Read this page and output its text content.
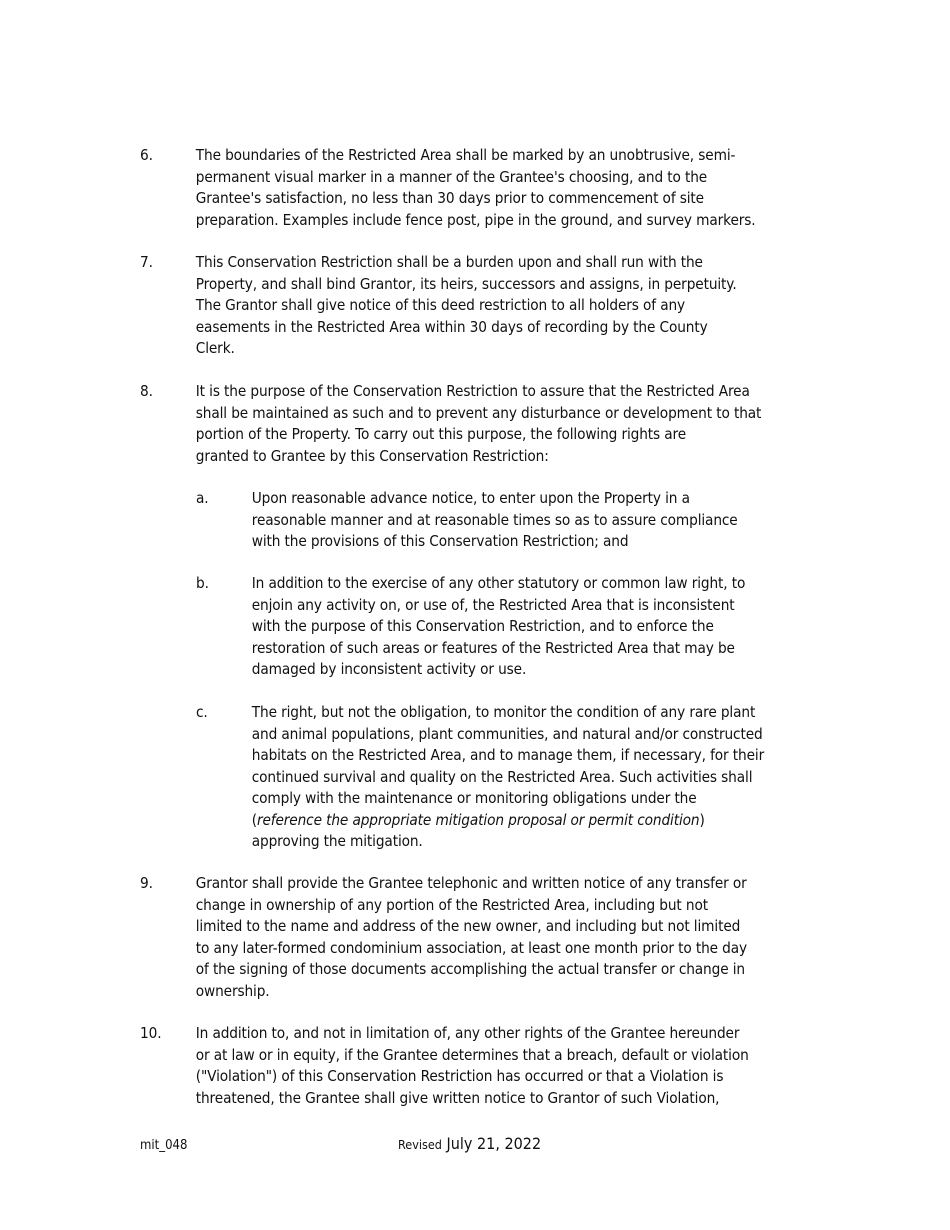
6.	The boundaries of the Restricted Area shall be marked by an unobtrusive, semi-
permanent visual marker in a manner of the Grantee's choosing, and to the
Grantee's satisfaction, no less than 30 days prior to commencement of site
preparation. Examples include fence post, pipe in the ground, and survey markers.
7.	This Conservation Restriction shall be a burden upon and shall run with the
Property, and shall bind Grantor, its heirs, successors and assigns, in perpetuity.
The Grantor shall give notice of this deed restriction to all holders of any
easements in the Restricted Area within 30 days of recording by the County
Clerk.
8.	It is the purpose of the Conservation Restriction to assure that the Restricted Area
shall be maintained as such and to prevent any disturbance or development to that
portion of the Property. To carry out this purpose, the following rights are
granted to Grantee by this Conservation Restriction:
a.	Upon reasonable advance notice, to enter upon the Property in a
reasonable manner and at reasonable times so as to assure compliance
with the provisions of this Conservation Restriction; and
b.	In addition to the exercise of any other statutory or common law right, to
enjoin any activity on, or use of, the Restricted Area that is inconsistent
with the purpose of this Conservation Restriction, and to enforce the
restoration of such areas or features of the Restricted Area that may be
damaged by inconsistent activity or use.
c.	The right, but not the obligation, to monitor the condition of any rare plant
and animal populations, plant communities, and natural and/or constructed
habitats on the Restricted Area, and to manage them, if necessary, for their
continued survival and quality on the Restricted Area. Such activities shall
comply with the maintenance or monitoring obligations under the
(reference the appropriate mitigation proposal or permit condition)
approving the mitigation.
9.	Grantor shall provide the Grantee telephonic and written notice of any transfer or
change in ownership of any portion of the Restricted Area, including but not
limited to the name and address of the new owner, and including but not limited
to any later-formed condominium association, at least one month prior to the day
of the signing of those documents accomplishing the actual transfer or change in
ownership.
10. In addition to, and not in limitation of, any other rights of the Grantee hereunder
or at law or in equity, if the Grantee determines that a breach, default or violation
("Violation") of this Conservation Restriction has occurred or that a Violation is
threatened, the Grantee shall give written notice to Grantor of such Violation,
mit_048	Revised July 21, 2022
